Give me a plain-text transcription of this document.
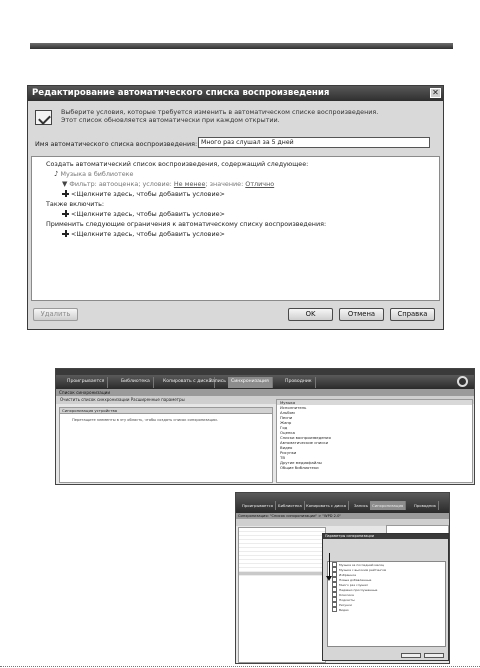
Редактирование автоматического списка воспроизведения	✕
Выберите условия, которые требуется изменить в автоматическом списке воспроизведения.
Этот список обновляется автоматически при каждом открытии.
Имя автоматического списка воспроизведения: Много раз слушал за 5 дней
Создать автоматический список воспроизведения, содержащий следующее:
♪ Музыка в библиотеке
▼ Фильтр: автооценка; условие: Не менее; значение: Отлично
<Щелкните здесь, чтобы добавить условие>
Также включить:
<Щелкните здесь, чтобы добавить условие>
Применить следующие ограничения к автоматическому списку воспроизведения:
<Щелкните здесь, чтобы добавить условие>
Удалить	OK	Отмена	Справка
Проигрывается	Библиотека	Копировать с диска
Запись	Синхронизация	Проводник
Список синхронизации
Очистить список синхронизации Расширенные параметры
Синхронизация устройства
Перетащите элементы в эту область, чтобы создать список синхронизации.
Музыка
Исполнитель
Альбом
Песни
Жанр
Год
Оценка
Списки воспроизведения
Автоматические списки
Видео
Рисунки
ТВ
Другие медиафайлы
Общие библиотеки
Проигрывается	Библиотека	Копировать с диска	Запись	Синхронизация	Проводник
Синхронизация: "Список синхронизации" > "WPD 2.0"
Параметры синхронизации
Музыка за последний месяц
Музыка с высоким рейтингом
Избранное
Новые добавленные
Много раз слушал
Недавно прослушанные
Классика
Подкасты
Рисунки
Видео
